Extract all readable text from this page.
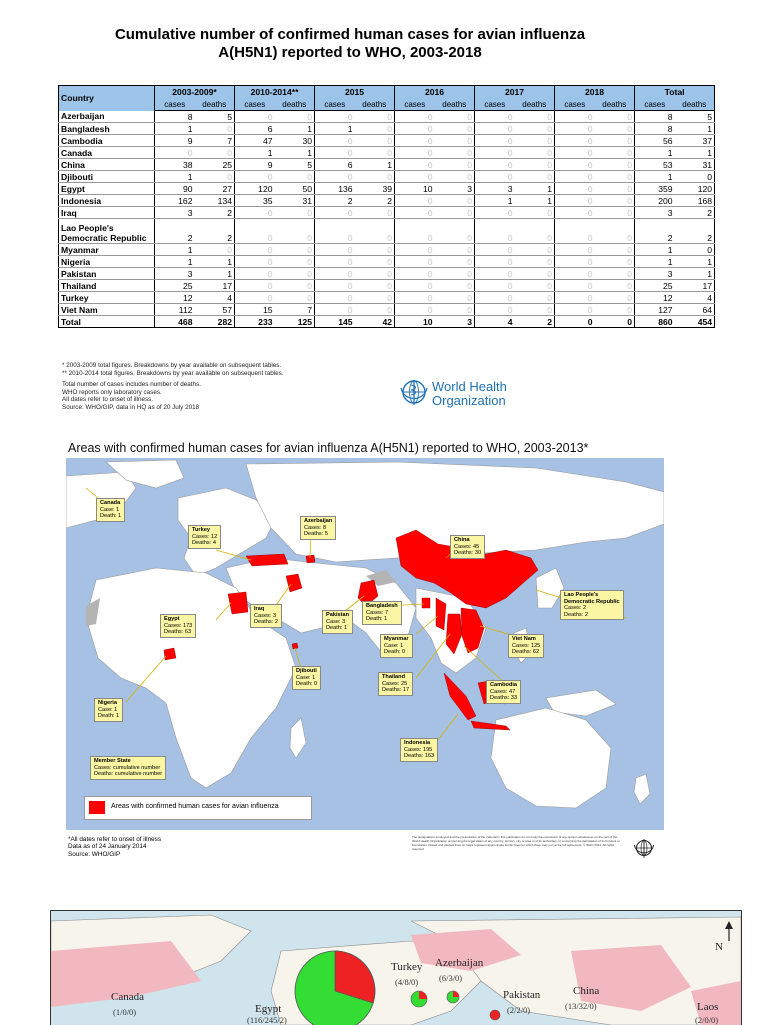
Cumulative number of confirmed human cases for avian influenza
A(H5N1) reported to WHO, 2003-2018
Country	2003-2009*		2010-2014**		2015		2016		2017		2018		Total	
	cases	deaths	cases	deaths	cases	deaths	cases	deaths	cases	deaths	cases	deaths	cases	deaths
Azerbaijan	8	5	0	0	0	0	0	0	0	0	0	0	8	5
Bangladesh	1	0	6	1	1	0	0	0	0	0	0	0	8	1
Cambodia	9	7	47	30	0	0	0	0	0	0	0	0	56	37
Canada	0	0	1	1	0	0	0	0	0	0	0	0	1	1
China	38	25	9	5	6	1	0	0	0	0	0	0	53	31
Djibouti	1	0	0	0	0	0	0	0	0	0	0	0	1	0
Egypt	90	27	120	50	136	39	10	3	3	1	0	0	359	120
Indonesia	162	134	35	31	2	2	0	0	1	1	0	0	200	168
Iraq	3	2	0	0	0	0	0	0	0	0	0	0	3	2
Lao People's Democratic Republic	2	2	0	0	0	0	0	0	0	0	0	0	2	2
Myanmar	1	0	0	0	0	0	0	0	0	0	0	0	1	0
Nigeria	1	1	0	0	0	0	0	0	0	0	0	0	1	1
Pakistan	3	1	0	0	0	0	0	0	0	0	0	0	3	1
Thailand	25	17	0	0	0	0	0	0	0	0	0	0	25	17
Turkey	12	4	0	0	0	0	0	0	0	0	0	0	12	4
Viet Nam	112	57	15	7	0	0	0	0	0	0	0	0	127	64
Total	468	282	233	125	145	42	10	3	4	2	0	0	860	454
* 2003-2009 total figures. Breakdowns by year available on subsequent tables.
** 2010-2014 total figures. Breakdowns by year available on subsequent tables.
Total number of cases includes number of deaths.
WHO reports only laboratory cases.
All dates refer to onset of illness.
Source: WHO/GIP, data in HQ as of 20 July 2018
World Health
Organization
Areas with confirmed human cases for avian influenza A(H5N1) reported to WHO, 2003-2013*
Canada
Case: 1
Death: 1
Turkey
Cases: 12
Deaths: 4
Azerbaijan
Cases: 8
Deaths: 5
China
Cases: 45
Deaths: 30
Egypt
Cases: 173
Deaths: 63
Iraq
Cases: 3
Deaths: 2
Pakistan
Case: 3
Death: 1
Bangladesh
Cases: 7
Death: 1
Lao People's
Democratic Republic
Cases: 2
Deaths: 2
Myanmar
Case: 1
Death: 0
Viet Nam
Cases: 125
Deaths: 62
Djibouti
Case: 1
Death: 0
Thailand
Cases: 25
Deaths: 17
Cambodia
Cases: 47
Deaths: 33
Nigeria
Case: 1
Death: 1
Indonesia
Cases: 195
Deaths: 163
Member State
Cases: cumulative number
Deaths: cumulative number
Areas with confirmed human cases for avian influenza
*All dates refer to onset of illness
Data as of 24 January 2014
Source: WHO/GIP
The designations employed and the presentation of the material in this publication do not imply the expression of any opinion whatsoever on the part of the World Health Organization concerning the legal status of any country, territory, city or area or of its authorities, or concerning the delimitation of its frontiers or boundaries. Dotted and dashed lines on maps represent approximate border lines for which there may not yet be full agreement. © WHO 2014. All rights reserved
N
Canada
(1/0/0)	Egypt
(116/245/2)
Turkey
(4/8/0)
Azerbaijan
(6/3/0)
Pakistan
(2/2/0)
China
(13/32/0)	Laos
(2/0/0)
